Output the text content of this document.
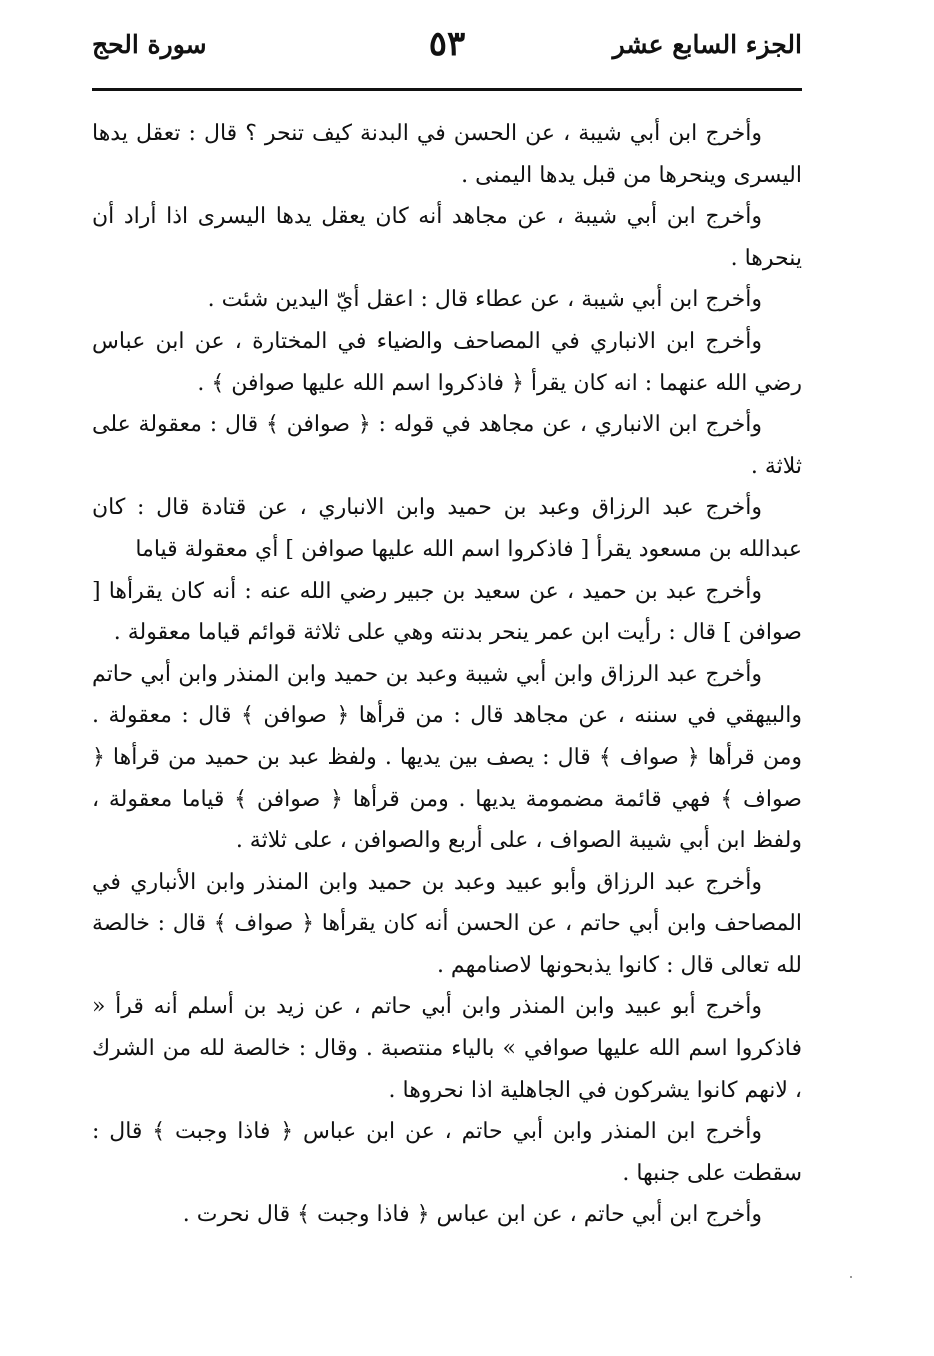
الجزء السابع عشر
٥٣
سورة الحج

وأخرج ابن أبي شيبة ، عن الحسن في البدنة كيف تنحر ؟ قال : تعقل يدها اليسرى وينحرها من قبل يدها اليمنى .

وأخرج ابن أبي شيبة ، عن مجاهد أنه كان يعقل يدها اليسرى اذا أراد أن ينحرها .

وأخرج ابن أبي شيبة ، عن عطاء قال : اعقل أيّ اليدين شئت .

وأخرج ابن الانباري في المصاحف والضياء في المختارة ، عن ابن عباس رضي الله عنهما : انه كان يقرأ ﴿ فاذكروا اسم الله عليها صوافن ﴾ .

وأخرج ابن الانباري ، عن مجاهد في قوله : ﴿ صوافن ﴾ قال : معقولة على ثلاثة .

وأخرج عبد الرزاق وعبد بن حميد وابن الانباري ، عن قتادة قال : كان عبدالله بن مسعود يقرأ [ فاذكروا اسم الله عليها صوافن ] أي معقولة قياما

وأخرج عبد بن حميد ، عن سعيد بن جبير رضي الله عنه : أنه كان يقرأها [ صوافن ] قال : رأيت ابن عمر ينحر بدنته وهي على ثلاثة قوائم قياما معقولة .

وأخرج عبد الرزاق وابن أبي شيبة وعبد بن حميد وابن المنذر وابن أبي حاتم والبيهقي في سننه ، عن مجاهد قال : من قرأها ﴿ صوافن ﴾ قال : معقولة . ومن قرأها ﴿ صواف ﴾ قال : يصف بين يديها . ولفظ عبد بن حميد من قرأها ﴿ صواف ﴾ فهي قائمة مضمومة يديها . ومن قرأها ﴿ صوافن ﴾ قياما معقولة ، ولفظ ابن أبي شيبة الصواف ، على أربع والصوافن ، على ثلاثة .

وأخرج عبد الرزاق وأبو عبيد وعبد بن حميد وابن المنذر وابن الأنباري في المصاحف وابن أبي حاتم ، عن الحسن أنه كان يقرأها ﴿ صواف ﴾ قال : خالصة لله تعالى قال : كانوا يذبحونها لاصنامهم .

وأخرج أبو عبيد وابن المنذر وابن أبي حاتم ، عن زيد بن أسلم أنه قرأ « فاذكروا اسم الله عليها صوافي » بالياء منتصبة . وقال : خالصة لله من الشرك ، لانهم كانوا يشركون في الجاهلية اذا نحروها .

وأخرج ابن المنذر وابن أبي حاتم ، عن ابن عباس ﴿ فاذا وجبت ﴾ قال : سقطت على جنبها .

وأخرج ابن أبي حاتم ، عن ابن عباس ﴿ فاذا وجبت ﴾ قال نحرت .
